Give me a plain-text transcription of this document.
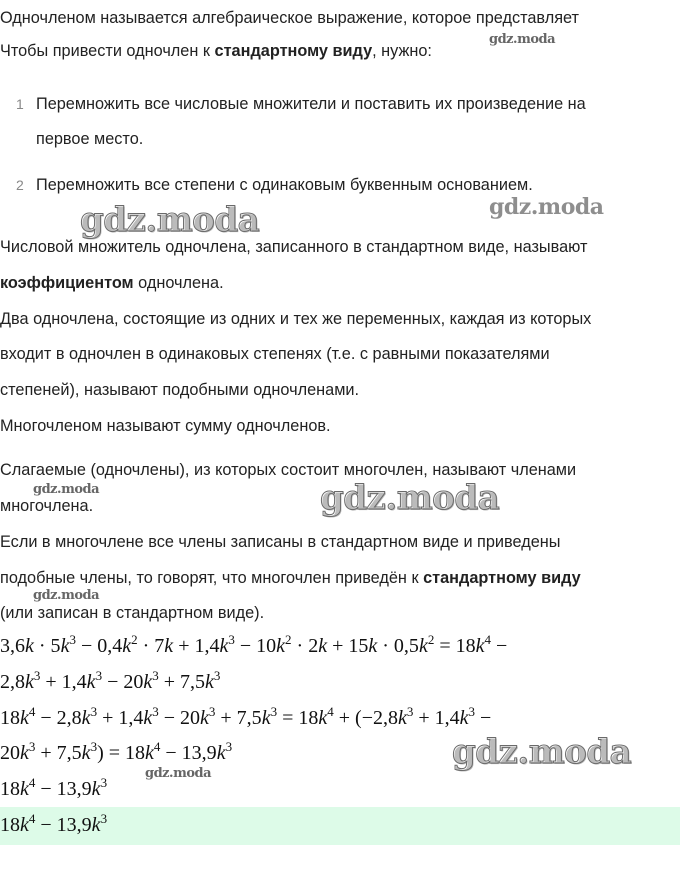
Одночленом называется алгебраическое выражение, которое представляет
Чтобы привести одночлен к стандартному виду, нужно:
1 Перемножить все числовые множители и поставить их произведение на
первое место.
2 Перемножить все степени с одинаковым буквенным основанием.
Числовой множитель одночлена, записанного в стандартном виде, называют
коэффициентом одночлена.
Два одночлена, состоящие из одних и тех же переменных, каждая из которых
входит в одночлен в одинаковых степенях (т.е. с равными показателями
степеней), называют подобными одночленами.
Многочленом называют сумму одночленов.
Слагаемые (одночлены), из которых состоит многочлен, называют членами
многочлена.
Если в многочлене все члены записаны в стандартном виде и приведены
подобные члены, то говорят, что многочлен приведён к стандартному виду
(или записан в стандартном виде).
$3,6k \cdot 5k^3 - 0,4k^2 \cdot 7k + 1,4k^3 - 10k^2 \cdot 2k + 15k \cdot 0,5k^2 = 18k^4$ −
$2,8k^3 + 1,4k^3 - 20k^3 + 7,5k^3$
$18k^4 - 2,8k^3 + 1,4k^3 - 20k^3 + 7,5k^3 = 18k^4 + (-2,8k^3 + 1,4k^3$ −
$20k^3 + 7,5k^3) = 18k^4 - 13,9k^3$
$18k^4 - 13,9k^3$
$18k^4 - 13,9k^3$
gdz.moda
gdz.moda	gdz.moda
gdz.moda	gdz.moda
gdz.moda
gdz.moda
gdz.moda
